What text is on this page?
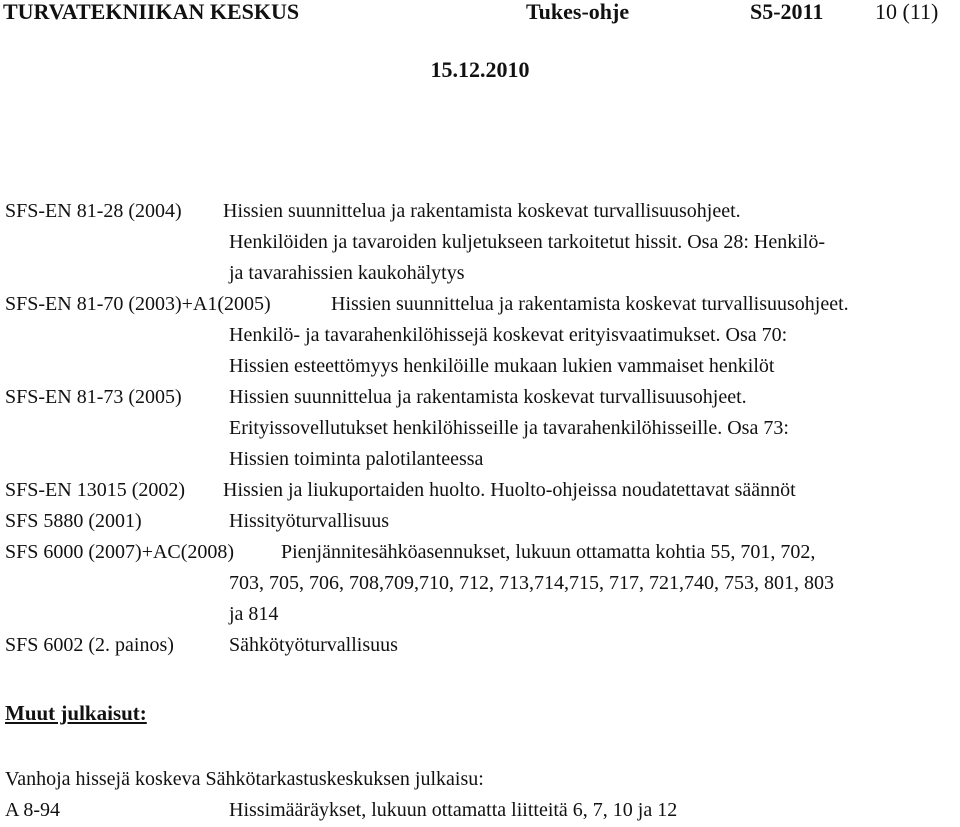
TURVATEKNIIKAN KESKUS	Tukes-ohje	S5-2011 10 (11)
15.12.2010
SFS-EN 81-28 (2004)	Hissien suunnittelua ja rakentamista koskevat turvallisuusohjeet.
Henkilöiden ja tavaroiden kuljetukseen tarkoitetut hissit. Osa 28: Henkilö-
ja tavarahissien kaukohälytys
SFS-EN 81-70 (2003)+A1(2005)	Hissien suunnittelua ja rakentamista koskevat turvallisuusohjeet.
Henkilö- ja tavarahenkilöhissejä koskevat erityisvaatimukset. Osa 70:
Hissien esteettömyys henkilöille mukaan lukien vammaiset henkilöt
SFS-EN 81-73 (2005)	Hissien suunnittelua ja rakentamista koskevat turvallisuusohjeet.
Erityissovellutukset henkilöhisseille ja tavarahenkilöhisseille. Osa 73:
Hissien toiminta palotilanteessa
SFS-EN 13015 (2002)	Hissien ja liukuportaiden huolto. Huolto-ohjeissa noudatettavat säännöt
SFS 5880 (2001)	Hissityöturvallisuus
SFS 6000 (2007)+AC(2008)	Pienjännitesähköasennukset, lukuun ottamatta kohtia 55, 701, 702,
703, 705, 706, 708,709,710, 712, 713,714,715, 717, 721,740, 753, 801, 803
ja 814
SFS 6002 (2. painos)	Sähkötyöturvallisuus
Muut julkaisut:
Vanhoja hissejä koskeva Sähkötarkastuskeskuksen julkaisu:
A 8-94	Hissimääräykset, lukuun ottamatta liitteitä 6, 7, 10 ja 12
